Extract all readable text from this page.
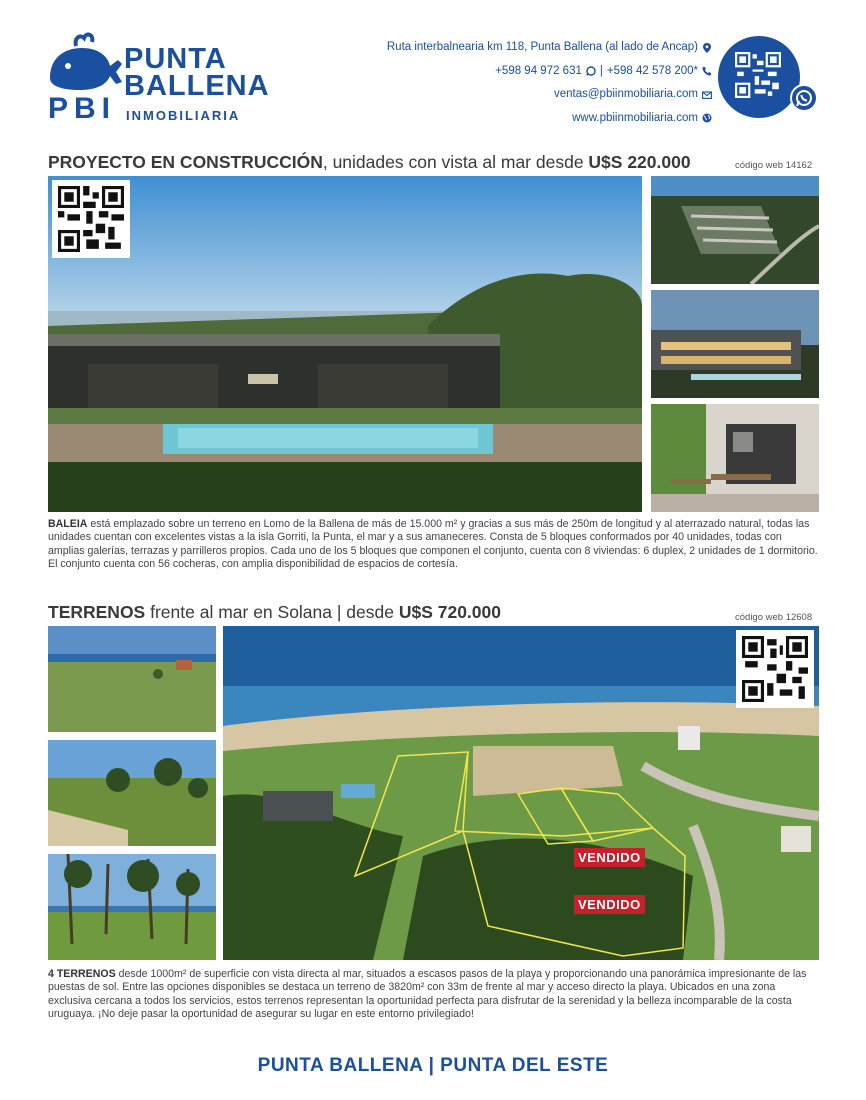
PBI
PUNTA
BALLENA
INMOBILIARIA
Ruta interbalnearia km 118, Punta Ballena (al lado de Ancap)
+598 94 972 631 | +598 42 578 200*
ventas@pbiinmobiliaria.com
www.pbiinmobiliaria.com
PROYECTO EN CONSTRUCCIÓN, unidades con vista al mar desde U$S 220.000	código web 14162

BALEIA está emplazado sobre un terreno en Lomo de la Ballena de más de 15.000 m² y gracias a sus más de 250m de longitud y al aterrazado natural, todas las unidades cuentan con excelentes vistas a la isla Gorriti, la Punta, el mar y a sus amaneceres. Consta de 5 bloques conformados por 40 unidades, todas con amplias galerías, terrazas y parrilleros propios. Cada uno de los 5 bloques que componen el conjunto, cuenta con 8 viviendas: 6 duplex, 2 unidades de 1 dormitorio. El conjunto cuenta con 56 cocheras, con amplia disponibilidad de espacios de cortesía.

TERRENOS frente al mar en Solana | desde U$S 720.000	código web 12608
VENDIDO
VENDIDO

4 TERRENOS desde 1000m² de superficie con vista directa al mar, situados a escasos pasos de la playa y proporcionando una panorámica impresionante de las puestas de sol. Entre las opciones disponibles se destaca un terreno de 3820m² con 33m de frente al mar y acceso directo la playa. Ubicados en una zona exclusiva cercana a todos los servicios, estos terrenos representan la oportunidad perfecta para disfrutar de la serenidad y la belleza incomparable de la costa uruguaya. ¡No deje pasar la oportunidad de asegurar su lugar en este entorno privilegiado!

PUNTA BALLENA | PUNTA DEL ESTE
